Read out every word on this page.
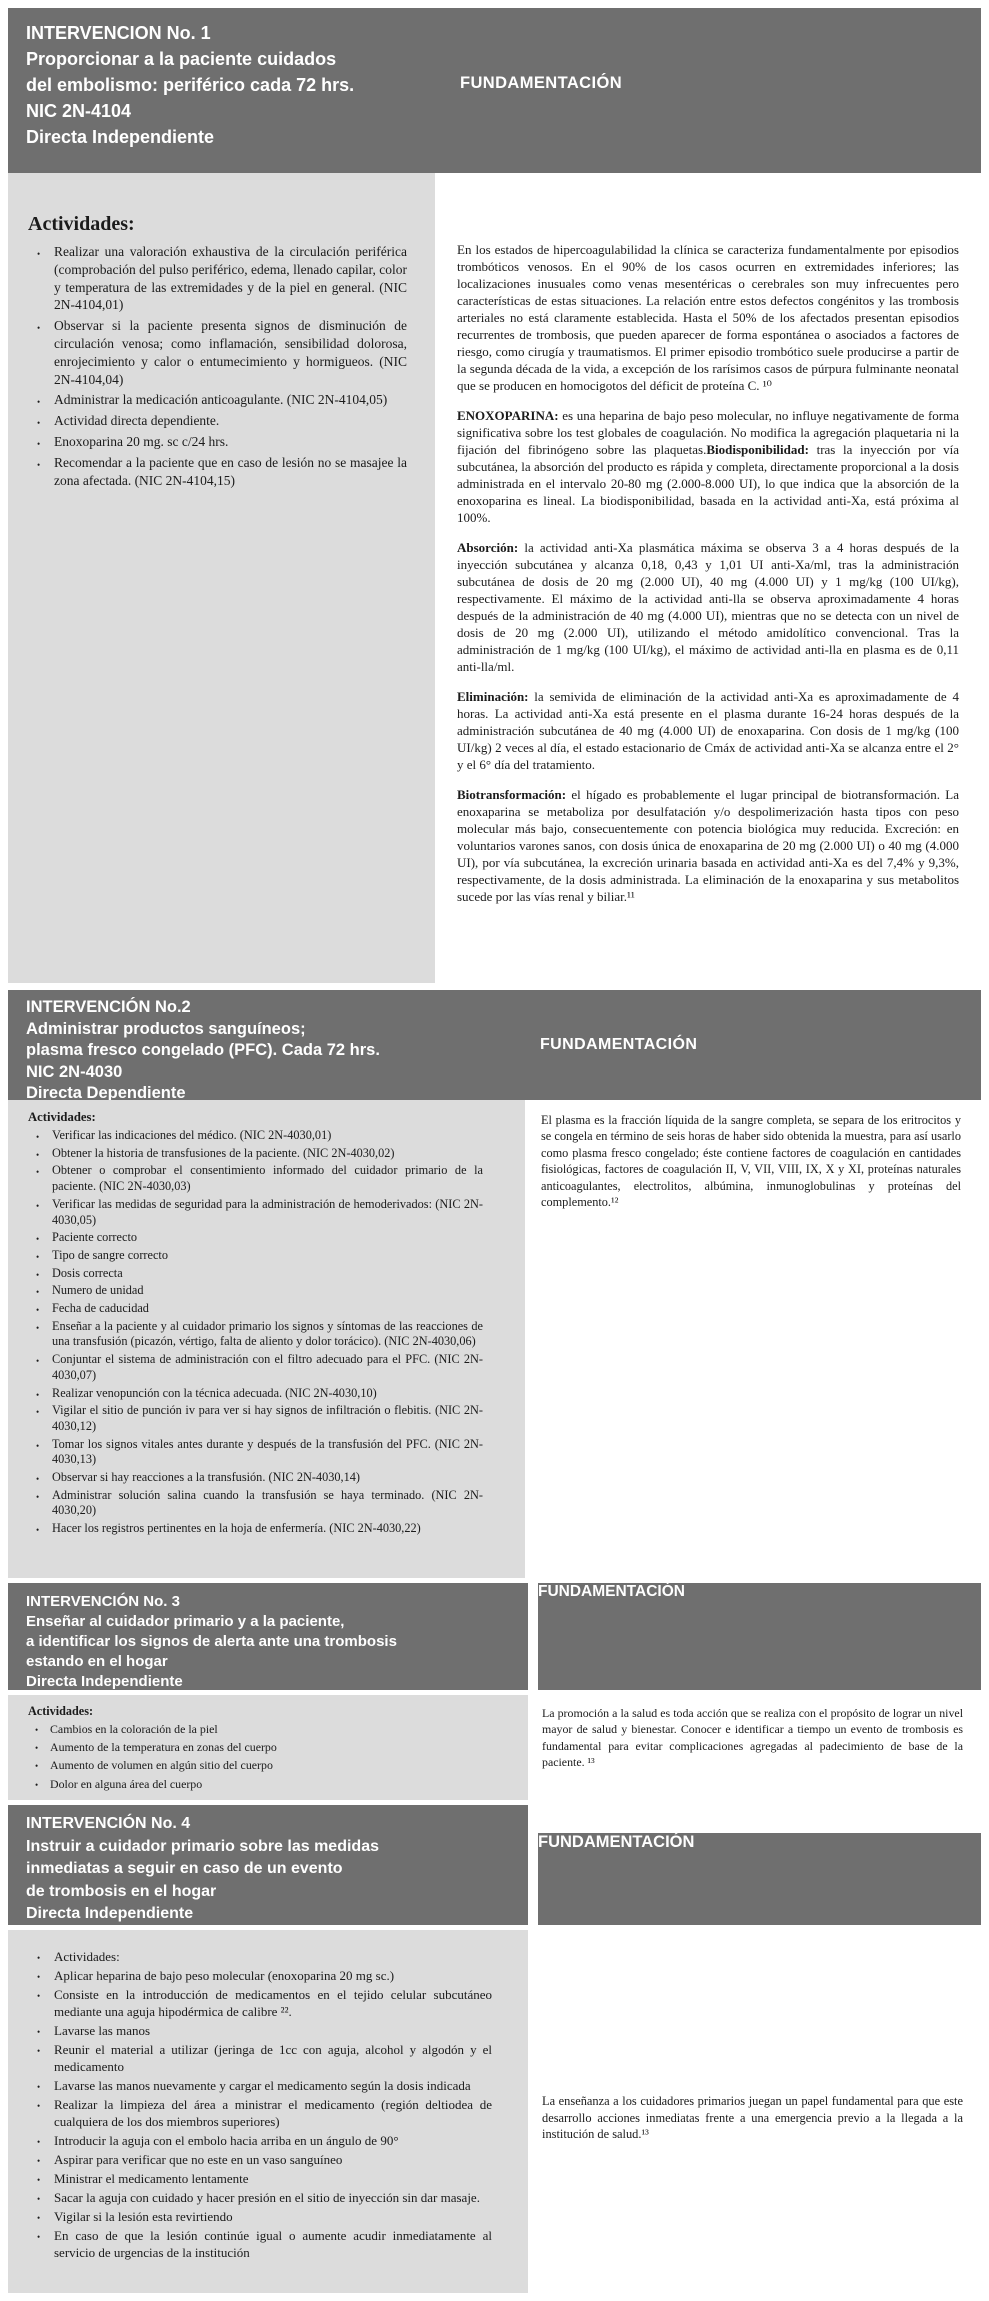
INTERVENCION No. 1
Proporcionar a la paciente cuidados
del embolismo: periférico cada 72 hrs.
NIC 2N-4104
Directa Independiente
FUNDAMENTACIÓN
Actividades:
• Realizar una valoración exhaustiva de la circulación periférica (comprobación del pulso periférico, edema, llenado capilar, color y temperatura de las extremidades y de la piel en general. (NIC 2N-4104,01)
• Observar si la paciente presenta signos de disminución de circulación venosa; como inflamación, sensibilidad dolorosa, enrojecimiento y calor o entumecimiento y hormigueos. (NIC 2N-4104,04)
• Administrar la medicación anticoagulante. (NIC 2N-4104,05)
• Actividad directa dependiente.
• Enoxoparina 20 mg. sc c/24 hrs.
• Recomendar a la paciente que en caso de lesión no se masajee la zona afectada. (NIC 2N-4104,15)

En los estados de hipercoagulabilidad la clínica se caracteriza fundamentalmente por episodios trombóticos venosos. En el 90% de los casos ocurren en extremidades inferiores; las localizaciones inusuales como venas mesentéricas o cerebrales son muy infrecuentes pero características de estas situaciones. La relación entre estos defectos congénitos y las trombosis arteriales no está claramente establecida. Hasta el 50% de los afectados presentan episodios recurrentes de trombosis, que pueden aparecer de forma espontánea o asociados a factores de riesgo, como cirugía y traumatismos. El primer episodio trombótico suele producirse a partir de la segunda década de la vida, a excepción de los rarísimos casos de púrpura fulminante neonatal que se producen en homocigotos del déficit de proteína C. ¹⁰

ENOXOPARINA: es una heparina de bajo peso molecular, no influye negativamente de forma significativa sobre los test globales de coagulación. No modifica la agregación plaquetaria ni la fijación del fibrinógeno sobre las plaquetas.Biodisponibilidad: tras la inyección por vía subcutánea, la absorción del producto es rápida y completa, directamente proporcional a la dosis administrada en el intervalo 20-80 mg (2.000-8.000 UI), lo que indica que la absorción de la enoxoparina es lineal. La biodisponibilidad, basada en la actividad anti-Xa, está próxima al 100%.

Absorción: la actividad anti-Xa plasmática máxima se observa 3 a 4 horas después de la inyección subcutánea y alcanza 0,18, 0,43 y 1,01 UI anti-Xa/ml, tras la administración subcutánea de dosis de 20 mg (2.000 UI), 40 mg (4.000 UI) y 1 mg/kg (100 UI/kg), respectivamente. El máximo de la actividad anti-lla se observa aproximadamente 4 horas después de la administración de 40 mg (4.000 UI), mientras que no se detecta con un nivel de dosis de 20 mg (2.000 UI), utilizando el método amidolítico convencional. Tras la administración de 1 mg/kg (100 UI/kg), el máximo de actividad anti-lla en plasma es de 0,11 anti-lla/ml.

Eliminación: la semivida de eliminación de la actividad anti-Xa es aproximadamente de 4 horas. La actividad anti-Xa está presente en el plasma durante 16-24 horas después de la administración subcutánea de 40 mg (4.000 UI) de enoxaparina. Con dosis de 1 mg/kg (100 UI/kg) 2 veces al día, el estado estacionario de Cmáx de actividad anti-Xa se alcanza entre el 2° y el 6° día del tratamiento.

Biotransformación: el hígado es probablemente el lugar principal de biotransformación. La enoxaparina se metaboliza por desulfatación y/o despolimerización hasta tipos con peso molecular más bajo, consecuentemente con potencia biológica muy reducida. Excreción: en voluntarios varones sanos, con dosis única de enoxaparina de 20 mg (2.000 UI) o 40 mg (4.000 UI), por vía subcutánea, la excreción urinaria basada en actividad anti-Xa es del 7,4% y 9,3%, respectivamente, de la dosis administrada. La eliminación de la enoxaparina y sus metabolitos sucede por las vías renal y biliar.¹¹

INTERVENCIÓN No.2
Administrar productos sanguíneos;
plasma fresco congelado (PFC). Cada 72 hrs.
NIC 2N-4030
Directa Dependiente
FUNDAMENTACIÓN
Actividades:
• Verificar las indicaciones del médico. (NIC 2N-4030,01)
• Obtener la historia de transfusiones de la paciente. (NIC 2N-4030,02)
• Obtener o comprobar el consentimiento informado del cuidador primario de la paciente. (NIC 2N-4030,03)
• Verificar las medidas de seguridad para la administración de hemoderivados: (NIC 2N-4030,05)
• Paciente correcto
• Tipo de sangre correcto
• Dosis correcta
• Numero de unidad
• Fecha de caducidad
• Enseñar a la paciente y al cuidador primario los signos y síntomas de las reacciones de una transfusión (picazón, vértigo, falta de aliento y dolor torácico). (NIC 2N-4030,06)
• Conjuntar el sistema de administración con el filtro adecuado para el PFC. (NIC 2N-4030,07)
• Realizar venopunción con la técnica adecuada. (NIC 2N-4030,10)
• Vigilar el sitio de punción iv para ver si hay signos de infiltración o flebitis. (NIC 2N-4030,12)
• Tomar los signos vitales antes durante y después de la transfusión del PFC. (NIC 2N-4030,13)
• Observar si hay reacciones a la transfusión. (NIC 2N-4030,14)
• Administrar solución salina cuando la transfusión se haya terminado. (NIC 2N-4030,20)
• Hacer los registros pertinentes en la hoja de enfermería. (NIC 2N-4030,22)

El plasma es la fracción líquida de la sangre completa, se separa de los eritrocitos y se congela en término de seis horas de haber sido obtenida la muestra, para así usarlo como plasma fresco congelado; éste contiene factores de coagulación en cantidades fisiológicas, factores de coagulación II, V, VII, VIII, IX, X y XI, proteínas naturales anticoagulantes, electrolitos, albúmina, inmunoglobulinas y proteínas del complemento.¹²

INTERVENCIÓN No. 3
Enseñar al cuidador primario y a la paciente,
a identificar los signos de alerta ante una trombosis
estando en el hogar
Directa Independiente
FUNDAMENTACIÓN
Actividades:
• Cambios en la coloración de la piel
• Aumento de la temperatura en zonas del cuerpo
• Aumento de volumen en algún sitio del cuerpo
• Dolor en alguna área del cuerpo

La promoción a la salud es toda acción que se realiza con el propósito de lograr un nivel mayor de salud y bienestar. Conocer e identificar a tiempo un evento de trombosis es fundamental para evitar complicaciones agregadas al padecimiento de base de la paciente. ¹³

INTERVENCIÓN No. 4
Instruir a cuidador primario sobre las medidas
inmediatas a seguir en caso de un evento
de trombosis en el hogar
Directa Independiente
FUNDAMENTACIÓN
• Actividades:
• Aplicar heparina de bajo peso molecular (enoxoparina 20 mg sc.)
• Consiste en la introducción de medicamentos en el tejido celular subcutáneo mediante una aguja hipodérmica de calibre ²².
• Lavarse las manos
• Reunir el material a utilizar (jeringa de 1cc con aguja, alcohol y algodón y el medicamento
• Lavarse las manos nuevamente y cargar el medicamento según la dosis indicada
• Realizar la limpieza del área a ministrar el medicamento (región deltiodea de cualquiera de los dos miembros superiores)
• Introducir la aguja con el embolo hacia arriba en un ángulo de 90°
• Aspirar para verificar que no este en un vaso sanguíneo
• Ministrar el medicamento lentamente
• Sacar la aguja con cuidado y hacer presión en el sitio de inyección sin dar masaje.
• Vigilar si la lesión esta revirtiendo
• En caso de que la lesión continúe igual o aumente acudir inmediatamente al servicio de urgencias de la institución

La enseñanza a los cuidadores primarios juegan un papel fundamental para que este desarrollo acciones inmediatas frente a una emergencia previo a la llegada a la institución de salud.¹³
